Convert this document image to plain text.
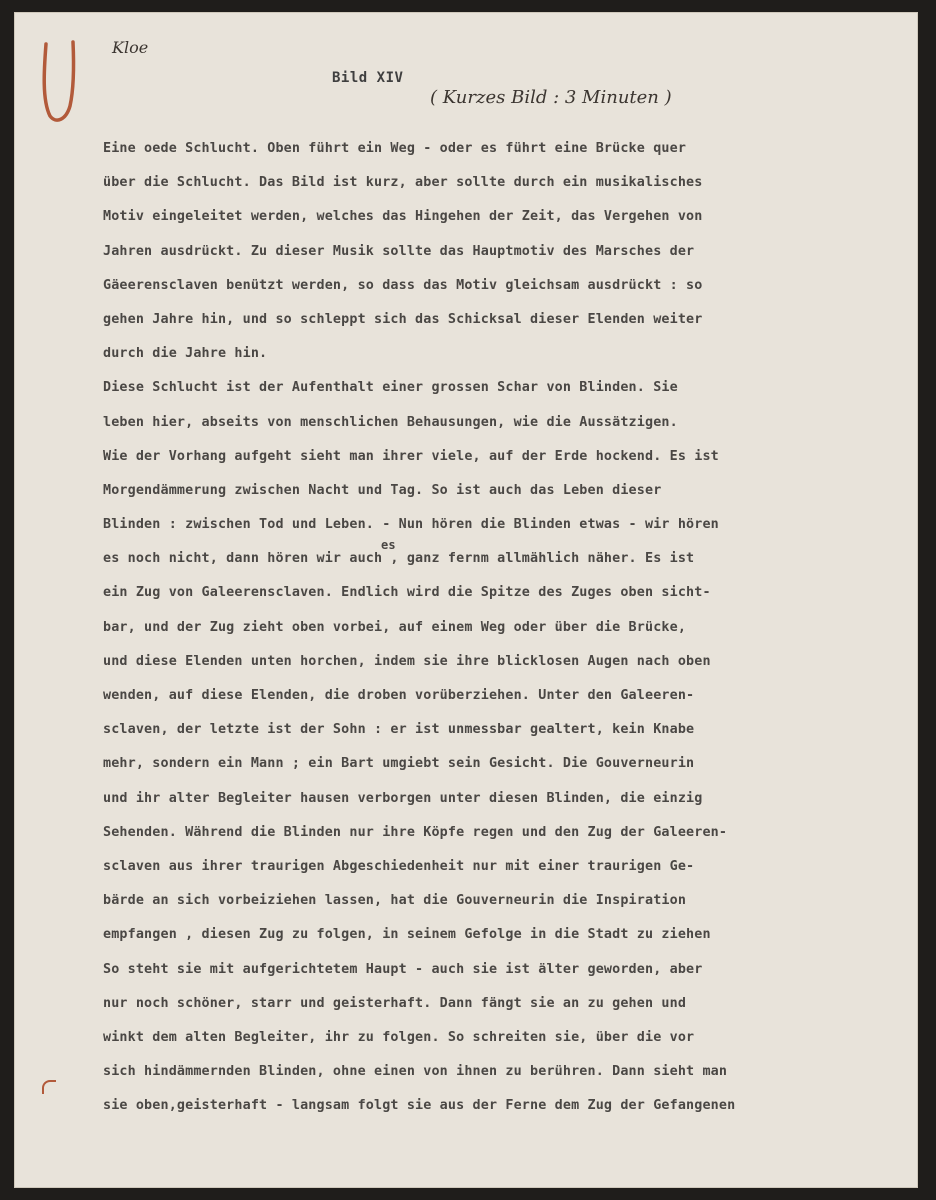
Kloe
Bild XIV
( Kurzes Bild : 3 Minuten )
Eine oede Schlucht. Oben führt ein Weg - oder es führt eine Brücke quer
über die Schlucht. Das Bild ist kurz, aber sollte durch ein musikalisches
Motiv eingeleitet werden, welches das Hingehen der Zeit, das Vergehen von
Jahren ausdrückt. Zu dieser Musik sollte das Hauptmotiv des Marsches der
Gäeerensclaven benützt werden, so dass das Motiv gleichsam ausdrückt : so
gehen Jahre hin, und so schleppt sich das Schicksal dieser Elenden weiter
durch die Jahre hin.
Diese Schlucht ist der Aufenthalt einer grossen Schar von Blinden. Sie
leben hier, abseits von menschlichen Behausungen, wie die Aussätzigen.
Wie der Vorhang aufgeht sieht man ihrer viele, auf der Erde hockend. Es ist
Morgendämmerung zwischen Nacht und Tag. So ist auch das Leben dieser
Blinden : zwischen Tod und Leben. - Nun hören die Blinden etwas - wir hören
es
es noch nicht, dann hören wir auch , ganz fernm allmählich näher. Es ist
ein Zug von Galeerensclaven. Endlich wird die Spitze des Zuges oben sicht-
bar, und der Zug zieht oben vorbei, auf einem Weg oder über die Brücke,
und diese Elenden unten horchen, indem sie ihre blicklosen Augen nach oben
wenden, auf diese Elenden, die droben vorüberziehen. Unter den Galeeren-
sclaven, der letzte ist der Sohn : er ist unmessbar gealtert, kein Knabe
mehr, sondern ein Mann ; ein Bart umgiebt sein Gesicht. Die Gouverneurin
und ihr alter Begleiter hausen verborgen unter diesen Blinden, die einzig
Sehenden. Während die Blinden nur ihre Köpfe regen und den Zug der Galeeren-
sclaven aus ihrer traurigen Abgeschiedenheit nur mit einer traurigen Ge-
bärde an sich vorbeiziehen lassen, hat die Gouverneurin die Inspiration
empfangen , diesen Zug zu folgen, in seinem Gefolge in die Stadt zu ziehen
So steht sie mit aufgerichtetem Haupt - auch sie ist älter geworden, aber
nur noch schöner, starr und geisterhaft. Dann fängt sie an zu gehen und
winkt dem alten Begleiter, ihr zu folgen. So schreiten sie, über die vor
sich hindämmernden Blinden, ohne einen von ihnen zu berühren. Dann sieht man
sie oben,geisterhaft - langsam folgt sie aus der Ferne dem Zug der Gefangenen
